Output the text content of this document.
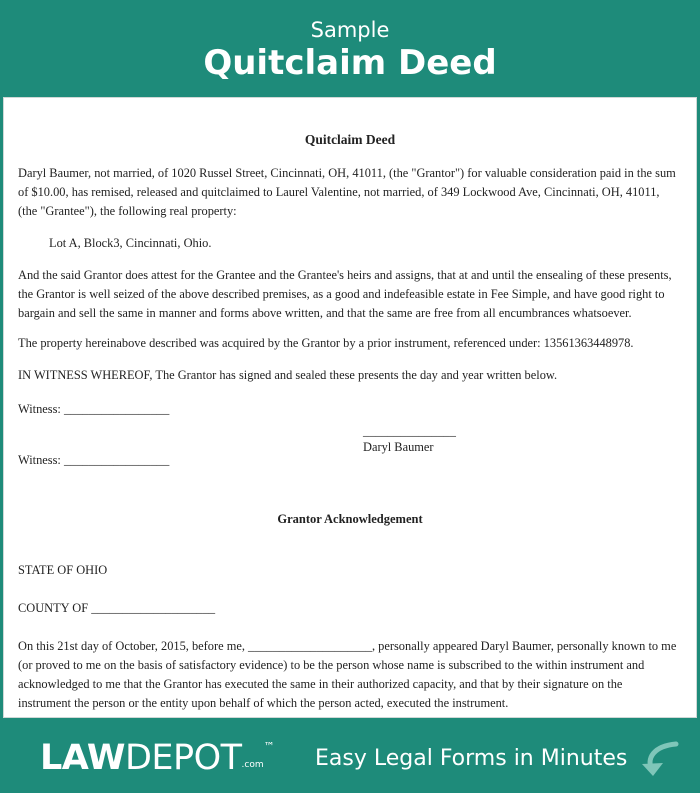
Sample
Quitclaim Deed
Quitclaim Deed
Daryl Baumer, not married, of 1020 Russel Street, Cincinnati, OH, 41011, (the "Grantor") for valuable consideration paid in the sum of $10.00, has remised, released and quitclaimed to Laurel Valentine, not married, of 349 Lockwood Ave, Cincinnati, OH, 41011, (the "Grantee"), the following real property:
Lot A, Block3, Cincinnati, Ohio.
And the said Grantor does attest for the Grantee and the Grantee's heirs and assigns, that at and until the ensealing of these presents, the Grantor is well seized of the above described premises, as a good and indefeasible estate in Fee Simple, and have good right to bargain and sell the same in manner and forms above written, and that the same are free from all encumbrances whatsoever.
The property hereinabove described was acquired by the Grantor by a prior instrument, referenced under: 13561363448978.
IN WITNESS WHEREOF, The Grantor has signed and sealed these presents the day and year written below.
Witness: _________________
_______________
Daryl Baumer
Witness: _________________
Grantor Acknowledgement
STATE OF OHIO
COUNTY OF ____________________
On this 21st day of October, 2015, before me, ____________________, personally appeared Daryl Baumer, personally known to me (or proved to me on the basis of satisfactory evidence) to be the person whose name is subscribed to the within instrument and acknowledged to me that the Grantor has executed the same in their authorized capacity, and that by their signature on the instrument the person or the entity upon behalf of which the person acted, executed the instrument.
LAWDEPOT.com™ Easy Legal Forms in Minutes
